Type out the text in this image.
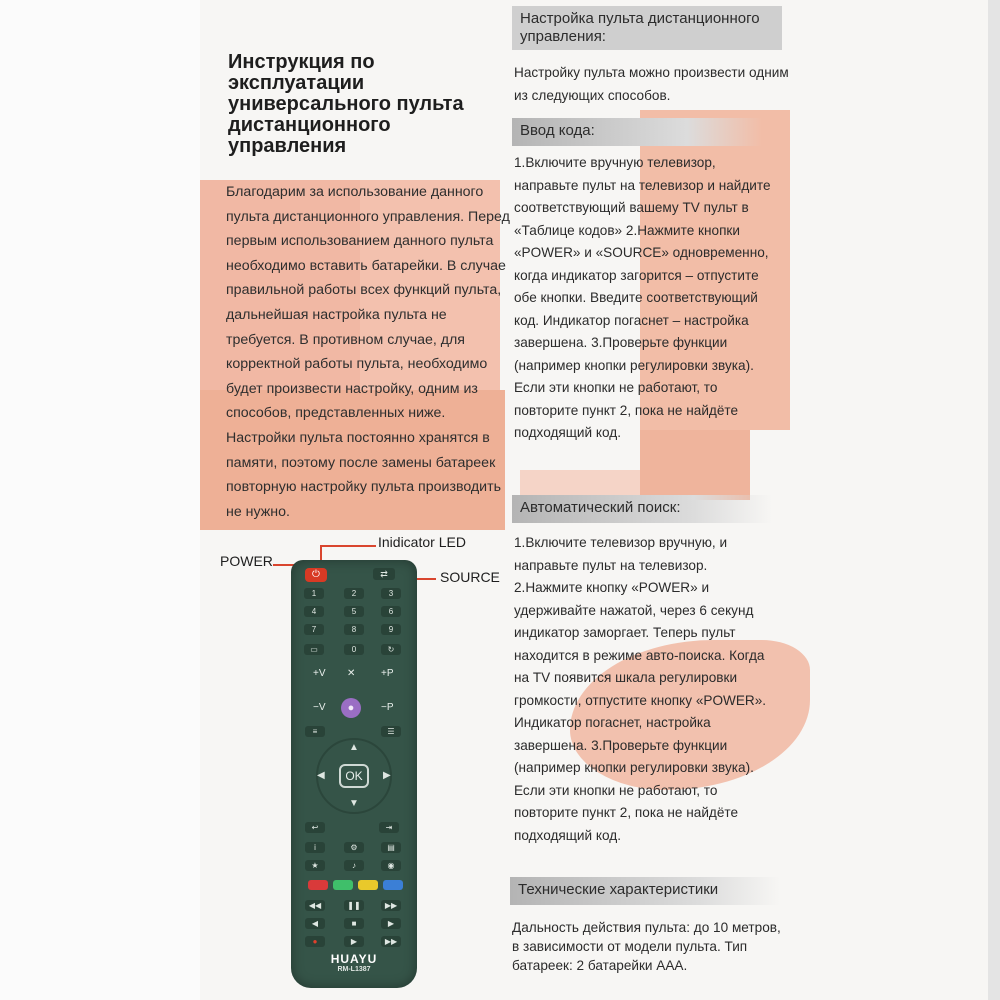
Инструкция по эксплуатации универсального пульта дистанционного управления
Благодарим за использование данного пульта дистанционного управления. Перед первым использованием данного пульта необходимо вставить батарейки. В случае правильной работы всех функций пульта, дальнейшая настройка пульта не требуется. В противном случае, для корректной работы пульта, необходимо будет произвести настройку, одним из способов, представленных ниже. Настройки пульта постоянно хранятся в памяти, поэтому после замены батареек повторную настройку пульта производить не нужно.
POWER
Inidicator LED
SOURCE
Настройка пульта дистанционного управления:
Настройку пульта можно произвести одним из следующих способов.
Ввод кода:
1.Включите вручную телевизор, направьте пульт на телевизор и найдите соответствующий вашему TV пульт в «Таблице кодов» 2.Нажмите кнопки «POWER» и «SOURCE» одновременно, когда индикатор загорится – отпустите обе кнопки. Введите соответствующий код. Индикатор погаснет – настройка завершена. 3.Проверьте функции (например кнопки регулировки звука). Если эти кнопки не работают, то повторите пункт 2, пока не найдёте подходящий код.
Автоматический поиск:
1.Включите телевизор вручную, и направьте пульт на телевизор. 2.Нажмите кнопку «POWER» и удерживайте нажатой, через 6 секунд индикатор заморгает. Теперь пульт находится в режиме авто-поиска. Когда на TV появится шкала регулировки громкости, отпустите кнопку «POWER». Индикатор погаснет, настройка завершена. 3.Проверьте функции (например кнопки регулировки звука). Если эти кнопки не работают, то повторите пункт 2, пока не найдёте подходящий код.
Технические характеристики
Дальность действия пульта: до 10 метров, в зависимости от модели пульта. Тип батареек: 2 батарейки AAA.
⏻	⇄
1	2	3
4	5	6
7	8	9
▭	0	↻
+V	+P
✕
●
−V	−P
≡	☰
▲
▼
◀	▶
OK
↩	⇥
i	⚙	▤
★	♪	◉
◀◀	❚❚	▶▶
◀	■	▶
●	▶	▶▶
HUAYU
RM-L1387
